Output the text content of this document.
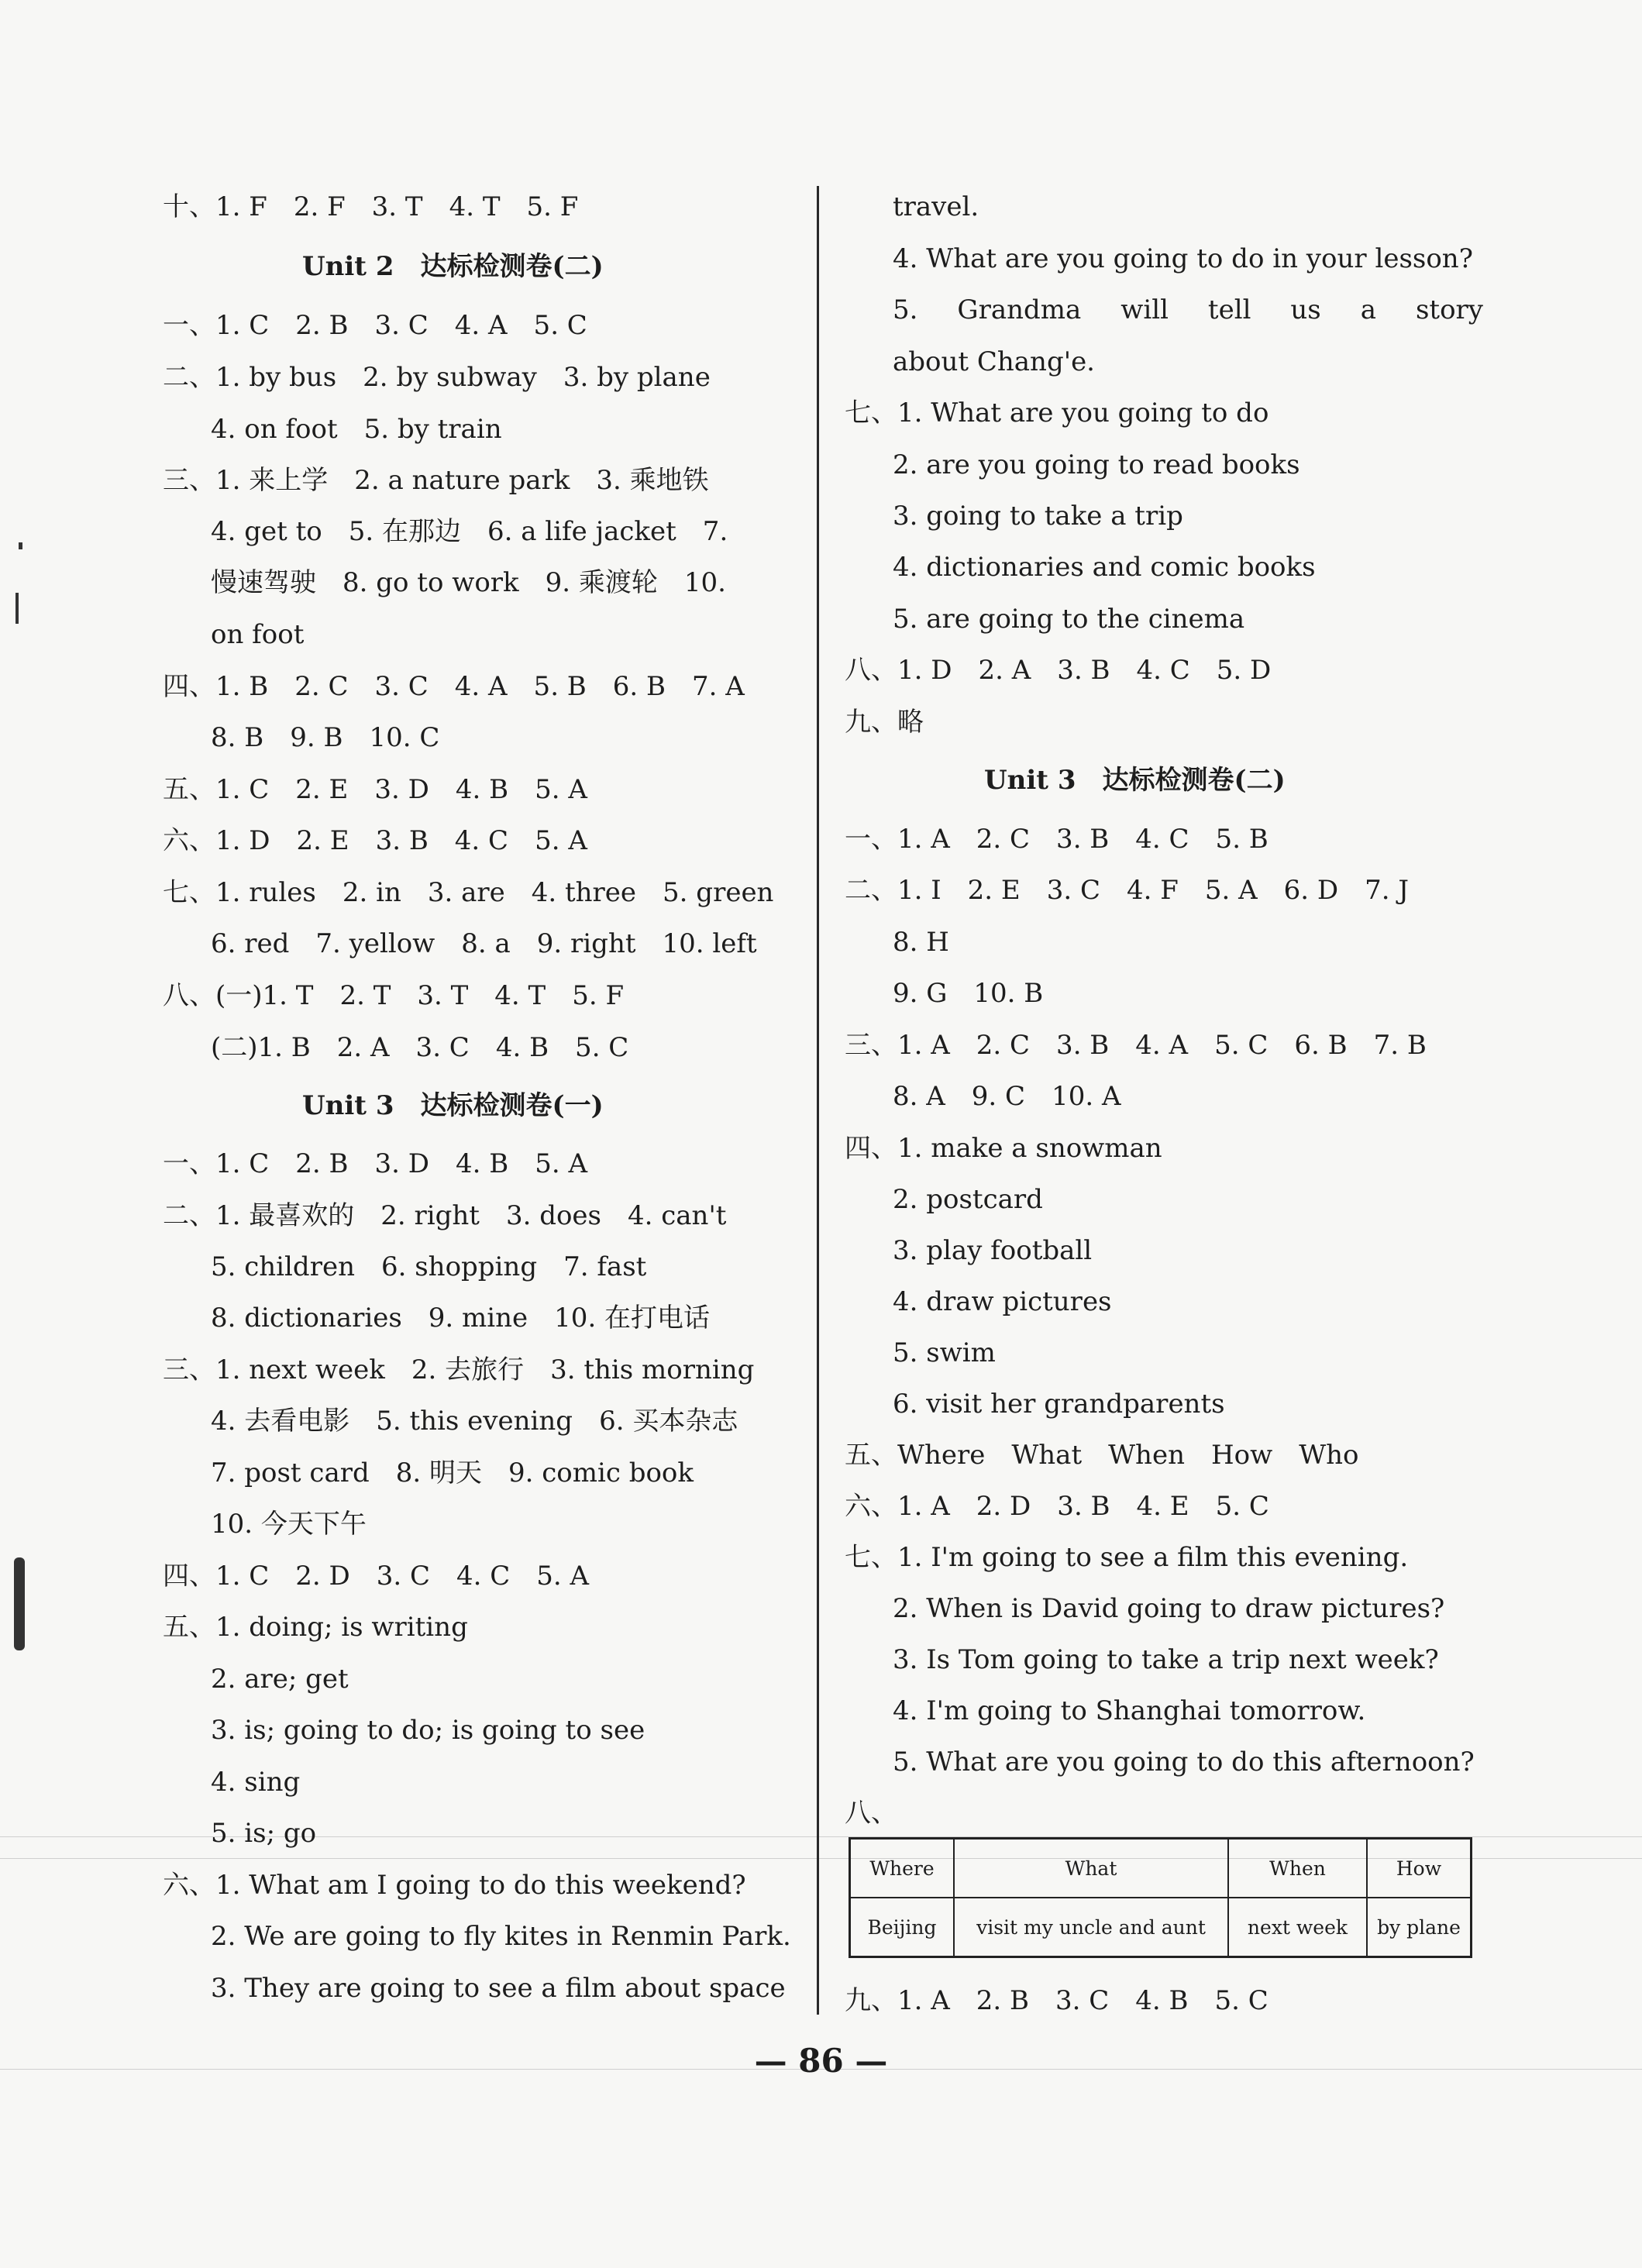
十、1. F　2. F　3. T　4. T　5. F
Unit 2　达标检测卷(二)
一、1. C　2. B　3. C　4. A　5. C
二、1. by bus　2. by subway　3. by plane
4. on foot　5. by train
三、1. 来上学　2. a nature park　3. 乘地铁
4. get to　5. 在那边　6. a life jacket　7.
慢速驾驶　8. go to work　9. 乘渡轮　10.
on foot
四、1. B　2. C　3. C　4. A　5. B　6. B　7. A
8. B　9. B　10. C
五、1. C　2. E　3. D　4. B　5. A
六、1. D　2. E　3. B　4. C　5. A
七、1. rules　2. in　3. are　4. three　5. green
6. red　7. yellow　8. a　9. right　10. left
八、(一)1. T　2. T　3. T　4. T　5. F
(二)1. B　2. A　3. C　4. B　5. C
Unit 3　达标检测卷(一)
一、1. C　2. B　3. D　4. B　5. A
二、1. 最喜欢的　2. right　3. does　4. can't
5. children　6. shopping　7. fast
8. dictionaries　9. mine　10. 在打电话
三、1. next week　2. 去旅行　3. this morning
4. 去看电影　5. this evening　6. 买本杂志
7. post card　8. 明天　9. comic book
10. 今天下午
四、1. C　2. D　3. C　4. C　5. A
五、1. doing; is writing
2. are; get
3. is; going to do; is going to see
4. sing
5. is; go
六、1. What am I going to do this weekend?
2. We are going to fly kites in Renmin Park.
3. They are going to see a film about space
travel.
4. What are you going to do in your lesson?
5. Grandma will tell us a story
about Chang'e.
七、1. What are you going to do
2. are you going to read books
3. going to take a trip
4. dictionaries and comic books
5. are going to the cinema
八、1. D　2. A　3. B　4. C　5. D
九、略
Unit 3　达标检测卷(二)
一、1. A　2. C　3. B　4. C　5. B
二、1. I　2. E　3. C　4. F　5. A　6. D　7. J
8. H
9. G　10. B
三、1. A　2. C　3. B　4. A　5. C　6. B　7. B
8. A　9. C　10. A
四、1. make a snowman
2. postcard
3. play football
4. draw pictures
5. swim
6. visit her grandparents
五、Where　What　When　How　Who
六、1. A　2. D　3. B　4. E　5. C
七、1. I'm going to see a film this evening.
2. When is David going to draw pictures?
3. Is Tom going to take a trip next week?
4. I'm going to Shanghai tomorrow.
5. What are you going to do this afternoon?
八、
九、1. A　2. B　3. C　4. B　5. C
Where	What	When	How
Beijing	visit my uncle and aunt	next week	by plane
— 86 —
